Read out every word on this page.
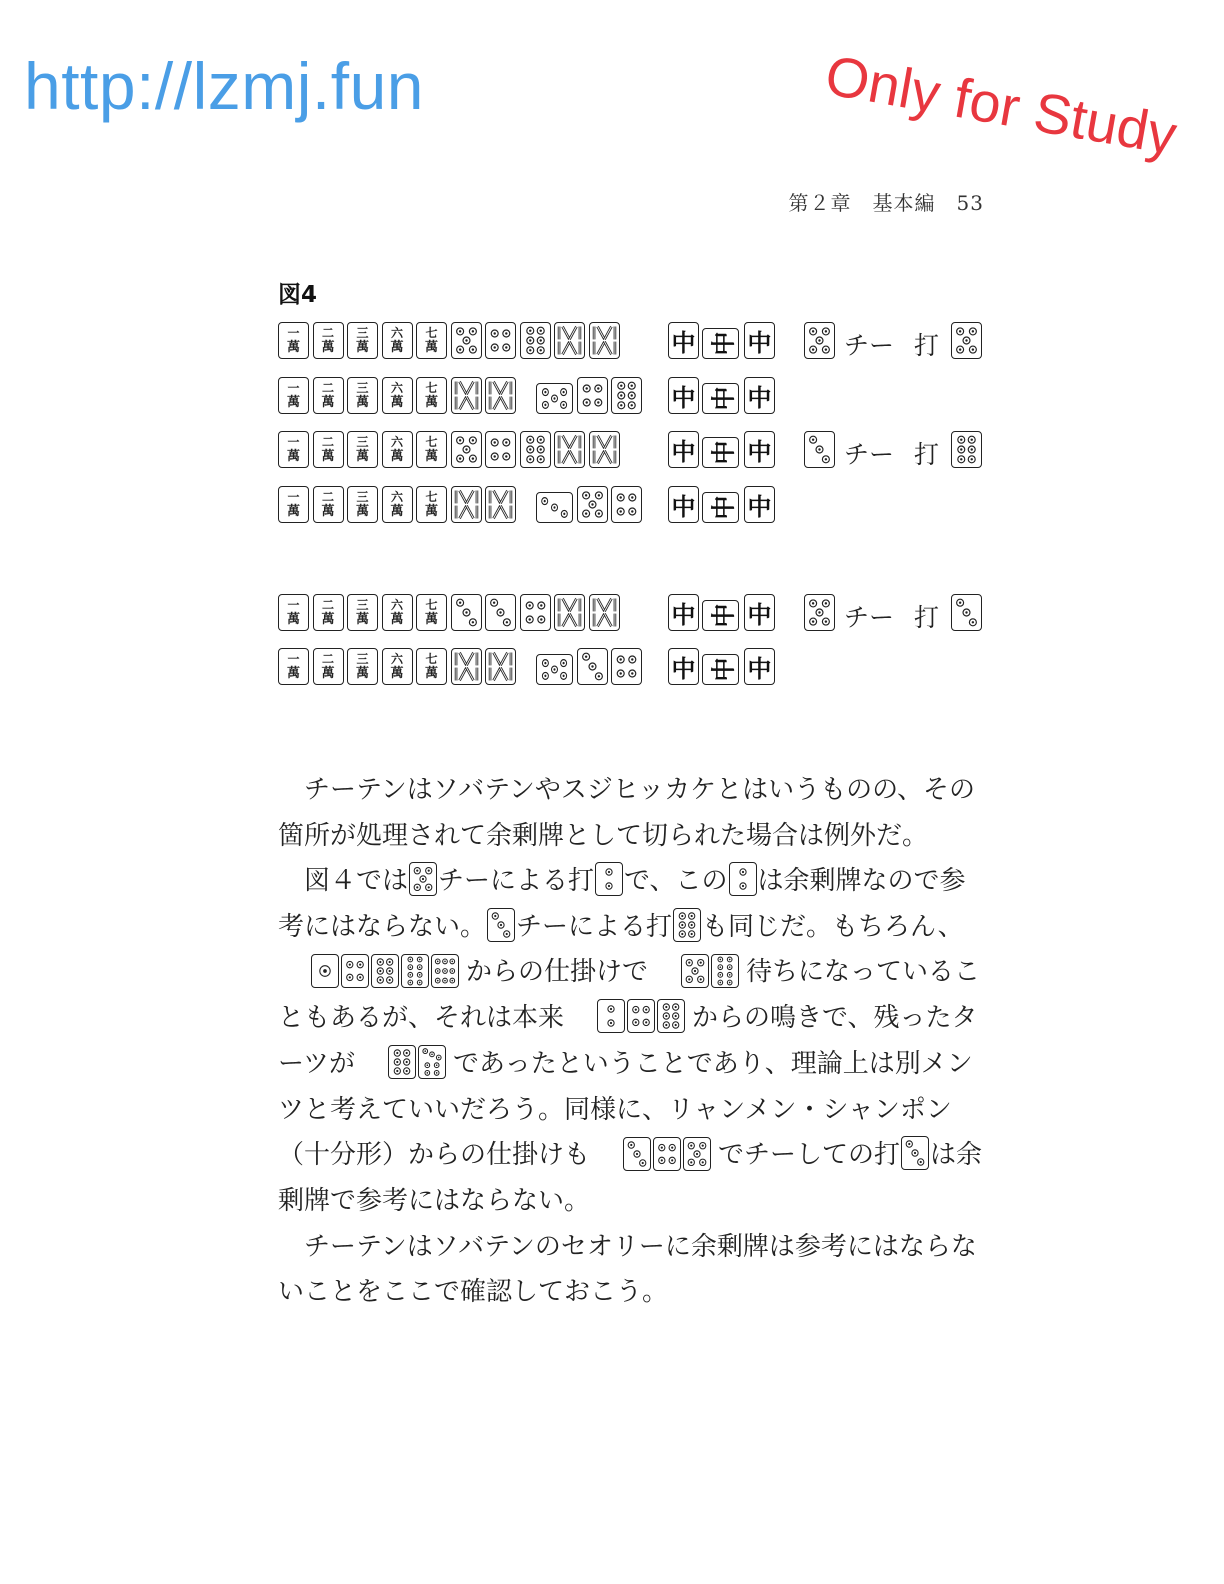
http://lzmj.fun	Only for Study
第２章　基本編　53
図4
一
萬
二
萬
三
萬
六
萬
七
萬	中 中 中	チー 打
一
萬
二
萬
三
萬
六
萬
七
萬	中 中 中
一
萬
二
萬
三
萬
六
萬
七
萬	中 中 中	チー 打
一
萬
二
萬
三
萬
六
萬
七
萬	中 中 中
一
萬
二
萬
三
萬
六
萬
七
萬	中 中 中	チー 打
一
萬
二
萬
三
萬
六
萬
七
萬	中 中 中

チーテンはソバテンやスジヒッカケとはいうものの、その箇所が処理されて余剰牌として切られた場合は例外だ。

図４では チーによる打 で、この は余剰牌なので参考にはならない。 チーによる打 も同じだ。もちろん、
からの仕掛けで	待ちになっていることもあるが、それは本来	からの鳴きで、残ったターツが	であったということであり、理論上は別メンツと考えていいだろう。同様に、リャンメン・シャンポン（十分形）からの仕掛けも	でチーしての打 は余剰牌で参考にはならない。

チーテンはソバテンのセオリーに余剰牌は参考にはならないことをここで確認しておこう。
